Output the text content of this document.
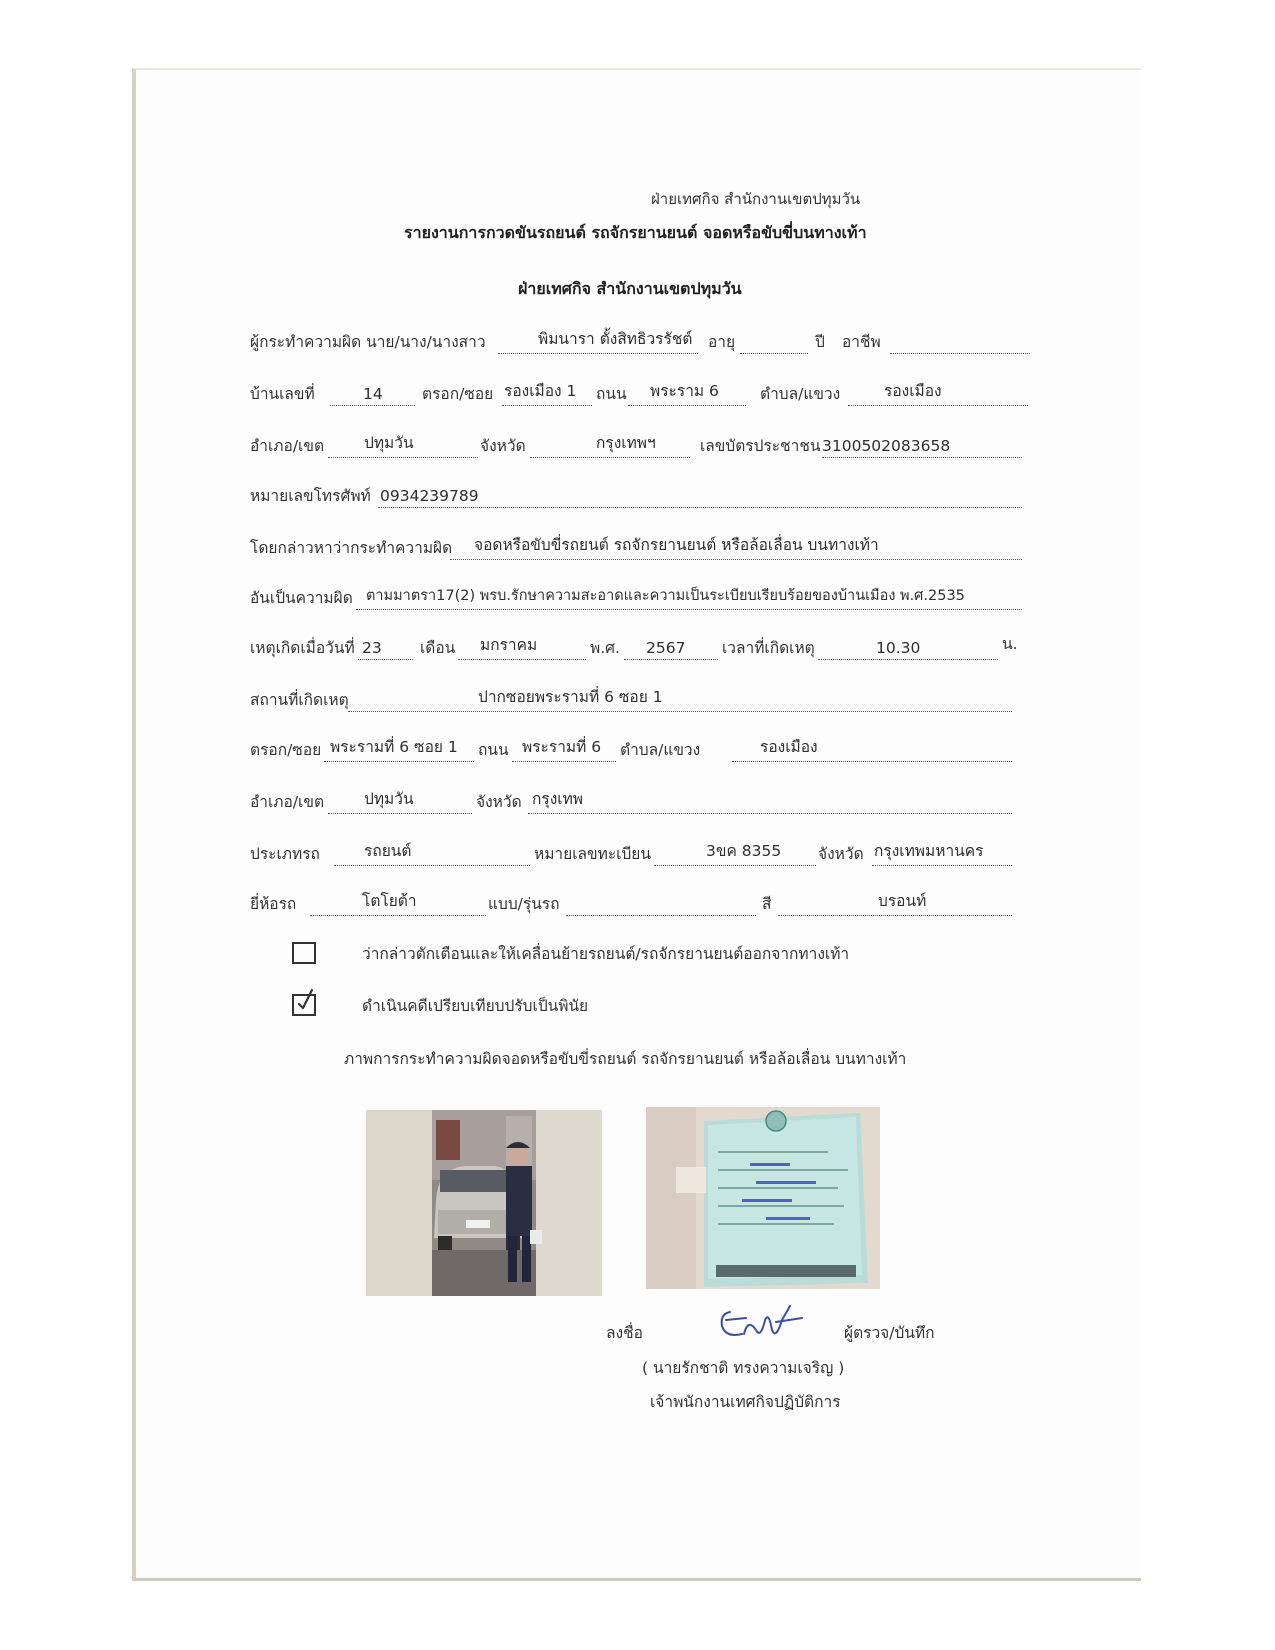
ฝ่ายเทศกิจ สำนักงานเขตปทุมวัน
รายงานการกวดขันรถยนต์ รถจักรยานยนต์ จอดหรือขับขี่บนทางเท้า
ฝ่ายเทศกิจ สำนักงานเขตปทุมวัน
ผู้กระทำความผิด นาย/นาง/นางสาว	พิมนารา ตั้งสิทธิวรรัชต์ อายุ	ปี อาชีพ
บ้านเลขที่	14	ตรอก/ซอย รองเมือง 1 ถนน พระราม 6	ตำบล/แขวง	รองเมือง
อำเภอ/เขต	ปทุมวัน	จังหวัด	กรุงเทพฯ	เลขบัตรประชาชน 3100502083658
หมายเลขโทรศัพท์ 0934239789
โดยกล่าวหาว่ากระทำความผิด จอดหรือขับขี่รถยนต์ รถจักรยานยนต์ หรือล้อเลื่อน บนทางเท้า
อันเป็นความผิด ตามมาตรา17(2) พรบ.รักษาความสะอาดและความเป็นระเบียบเรียบร้อยของบ้านเมือง พ.ศ.2535
เหตุเกิดเมื่อวันที่ 23 เดือน มกราคม	พ.ศ. 2567 เวลาที่เกิดเหตุ	10.30	น.
สถานที่เกิดเหตุ	ปากซอยพระรามที่ 6 ซอย 1
ตรอก/ซอย พระรามที่ 6 ซอย 1 ถนน พระรามที่ 6 ตำบล/แขวง	รองเมือง
อำเภอ/เขต	ปทุมวัน	จังหวัด กรุงเทพ
ประเภทรถ	รถยนต์	หมายเลขทะเบียน	3ขค 8355 จังหวัด กรุงเทพมหานคร
ยี่ห้อรถ	โตโยต้า	แบบ/รุ่นรถ	สี	บรอนท์
ว่ากล่าวตักเตือนและให้เคลื่อนย้ายรถยนต์/รถจักรยานยนต์ออกจากทางเท้า
ดำเนินคดีเปรียบเทียบปรับเป็นพินัย
ภาพการกระทำความผิดจอดหรือขับขี่รถยนต์ รถจักรยานยนต์ หรือล้อเลื่อน บนทางเท้า
ลงชื่อ	ผู้ตรวจ/บันทึก
( นายรักชาติ ทรงความเจริญ )
เจ้าพนักงานเทศกิจปฏิบัติการ
